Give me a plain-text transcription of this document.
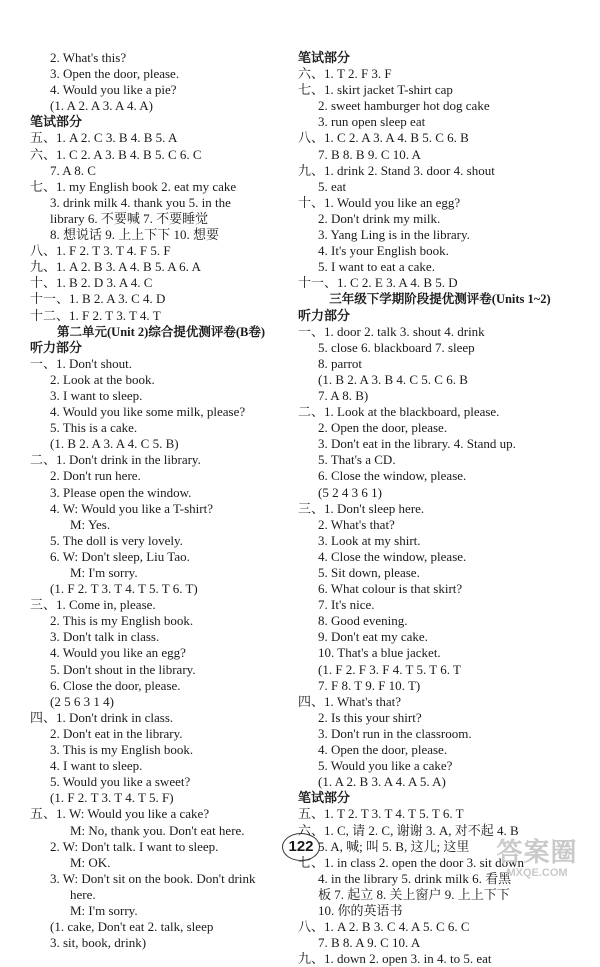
2. What's this?
3. Open the door, please.
4. Would you like a pie?
(1. A 2. A 3. A 4. A)
笔试部分
五、1. A 2. C 3. B 4. B 5. A
六、1. C 2. A 3. B 4. B 5. C 6. C
7. A 8. C
七、1. my English book 2. eat my cake
3. drink milk 4. thank you 5. in the
library 6. 不要喊 7. 不要睡觉
8. 想说话 9. 上上下下 10. 想要
八、1. F 2. T 3. T 4. F 5. F
九、1. A 2. B 3. A 4. B 5. A 6. A
十、1. B 2. D 3. A 4. C
十一、1. B 2. A 3. C 4. D
十二、1. F 2. T 3. T 4. T
第二单元(Unit 2)综合提优测评卷(B卷)
听力部分
一、1. Don't shout.
2. Look at the book.
3. I want to sleep.
4. Would you like some milk, please?
5. This is a cake.
(1. B 2. A 3. A 4. C 5. B)
二、1. Don't drink in the library.
2. Don't run here.
3. Please open the window.
4. W: Would you like a T-shirt?
M: Yes.
5. The doll is very lovely.
6. W: Don't sleep, Liu Tao.
M: I'm sorry.
(1. F 2. T 3. T 4. T 5. T 6. T)
三、1. Come in, please.
2. This is my English book.
3. Don't talk in class.
4. Would you like an egg?
5. Don't shout in the library.
6. Close the door, please.
(2 5 6 3 1 4)
四、1. Don't drink in class.
2. Don't eat in the library.
3. This is my English book.
4. I want to sleep.
5. Would you like a sweet?
(1. F 2. T 3. T 4. T 5. F)
五、1. W: Would you like a cake?
M: No, thank you. Don't eat here.
2. W: Don't talk. I want to sleep.
M: OK.
3. W: Don't sit on the book. Don't drink
here.
M: I'm sorry.
(1. cake, Don't eat 2. talk, sleep
3. sit, book, drink)
笔试部分
六、1. T 2. F 3. F
七、1. skirt jacket T-shirt cap
2. sweet hamburger hot dog cake
3. run open sleep eat
八、1. C 2. A 3. A 4. B 5. C 6. B
7. B 8. B 9. C 10. A
九、1. drink 2. Stand 3. door 4. shout
5. eat
十、1. Would you like an egg?
2. Don't drink my milk.
3. Yang Ling is in the library.
4. It's your English book.
5. I want to eat a cake.
十一、1. C 2. E 3. A 4. B 5. D
三年级下学期阶段提优测评卷(Units 1~2)
听力部分
一、1. door 2. talk 3. shout 4. drink
5. close 6. blackboard 7. sleep
8. parrot
(1. B 2. A 3. B 4. C 5. C 6. B
7. A 8. B)
二、1. Look at the blackboard, please.
2. Open the door, please.
3. Don't eat in the library. 4. Stand up.
5. That's a CD.
6. Close the window, please.
(5 2 4 3 6 1)
三、1. Don't sleep here.
2. What's that?
3. Look at my shirt.
4. Close the window, please.
5. Sit down, please.
6. What colour is that skirt?
7. It's nice.
8. Good evening.
9. Don't eat my cake.
10. That's a blue jacket.
(1. F 2. F 3. F 4. T 5. T 6. T
7. F 8. T 9. F 10. T)
四、1. What's that?
2. Is this your shirt?
3. Don't run in the classroom.
4. Open the door, please.
5. Would you like a cake?
(1. A 2. B 3. A 4. A 5. A)
笔试部分
五、1. T 2. T 3. T 4. T 5. T 6. T
六、1. C, 请 2. C, 谢谢 3. A, 对不起 4. B
5. A, 喊; 叫 5. B, 这儿; 这里
七、1. in class 2. open the door 3. sit down
4. in the library 5. drink milk 6. 看黑
板 7. 起立 8. 关上窗户 9. 上上下下
10. 你的英语书
八、1. A 2. B 3. C 4. A 5. C 6. C
7. B 8. A 9. C 10. A
九、1. down 2. open 3. in 4. to 5. eat
122	答案圈
MXQE.COM
